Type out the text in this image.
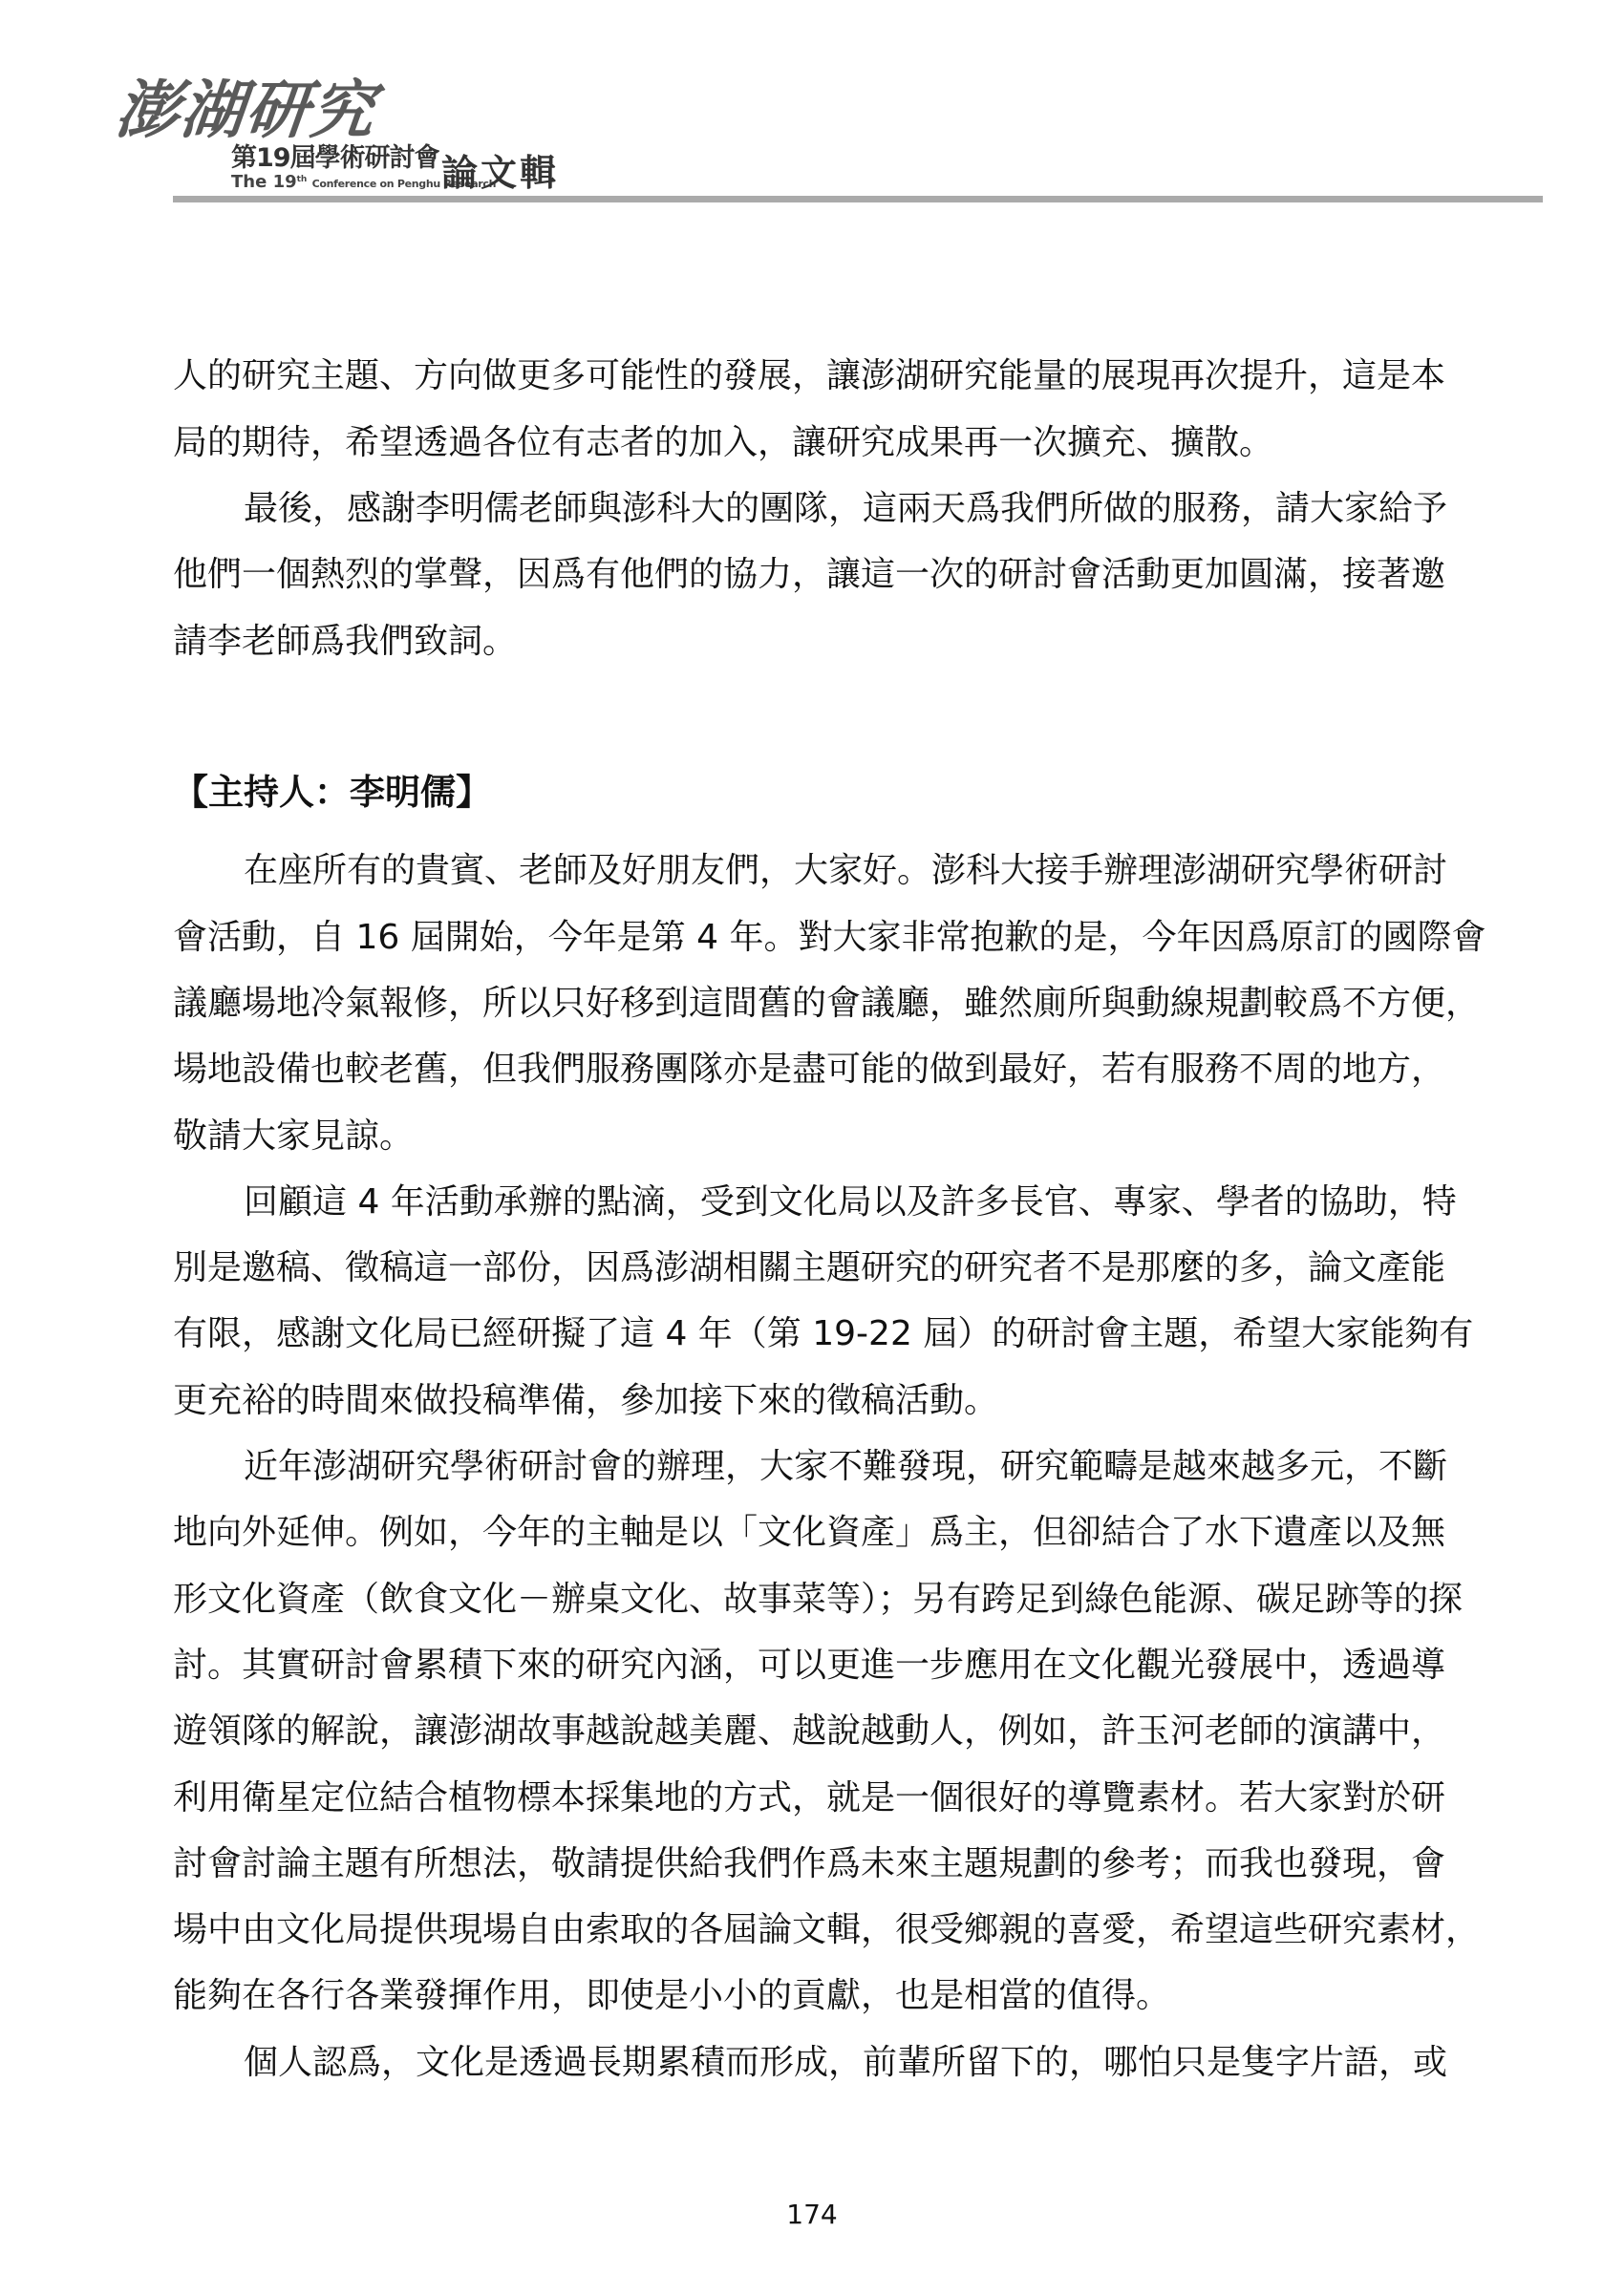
澎湖研究
第19屆學術研討會
The 19th Conference on Penghu Research
論文輯
人的研究主題、方向做更多可能性的發展，讓澎湖研究能量的展現再次提升，這是本
局的期待，希望透過各位有志者的加入，讓研究成果再一次擴充、擴散。
最後，感謝李明儒老師與澎科大的團隊，這兩天爲我們所做的服務，請大家給予
他們一個熱烈的掌聲，因爲有他們的協力，讓這一次的研討會活動更加圓滿，接著邀
請李老師爲我們致詞。
【主持人：李明儒】
在座所有的貴賓、老師及好朋友們，大家好。澎科大接手辦理澎湖研究學術研討
會活動，自 16 屆開始，今年是第 4 年。對大家非常抱歉的是，今年因爲原訂的國際會
議廳場地冷氣報修，所以只好移到這間舊的會議廳，雖然廁所與動線規劃較爲不方便，
場地設備也較老舊，但我們服務團隊亦是盡可能的做到最好，若有服務不周的地方，
敬請大家見諒。
回顧這 4 年活動承辦的點滴，受到文化局以及許多長官、專家、學者的協助，特
別是邀稿、徵稿這一部份，因爲澎湖相關主題研究的研究者不是那麼的多，論文產能
有限，感謝文化局已經研擬了這 4 年（第 19-22 屆）的研討會主題，希望大家能夠有
更充裕的時間來做投稿準備，參加接下來的徵稿活動。
近年澎湖研究學術研討會的辦理，大家不難發現，研究範疇是越來越多元，不斷
地向外延伸。例如，今年的主軸是以「文化資產」爲主，但卻結合了水下遺產以及無
形文化資產（飲食文化－辦桌文化、故事菜等）；另有跨足到綠色能源、碳足跡等的探
討。其實研討會累積下來的研究內涵，可以更進一步應用在文化觀光發展中，透過導
遊領隊的解說，讓澎湖故事越說越美麗、越說越動人，例如，許玉河老師的演講中，
利用衛星定位結合植物標本採集地的方式，就是一個很好的導覽素材。若大家對於研
討會討論主題有所想法，敬請提供給我們作爲未來主題規劃的參考；而我也發現，會
場中由文化局提供現場自由索取的各屆論文輯，很受鄉親的喜愛，希望這些研究素材，
能夠在各行各業發揮作用，即使是小小的貢獻，也是相當的值得。
個人認爲，文化是透過長期累積而形成，前輩所留下的，哪怕只是隻字片語，或
174
